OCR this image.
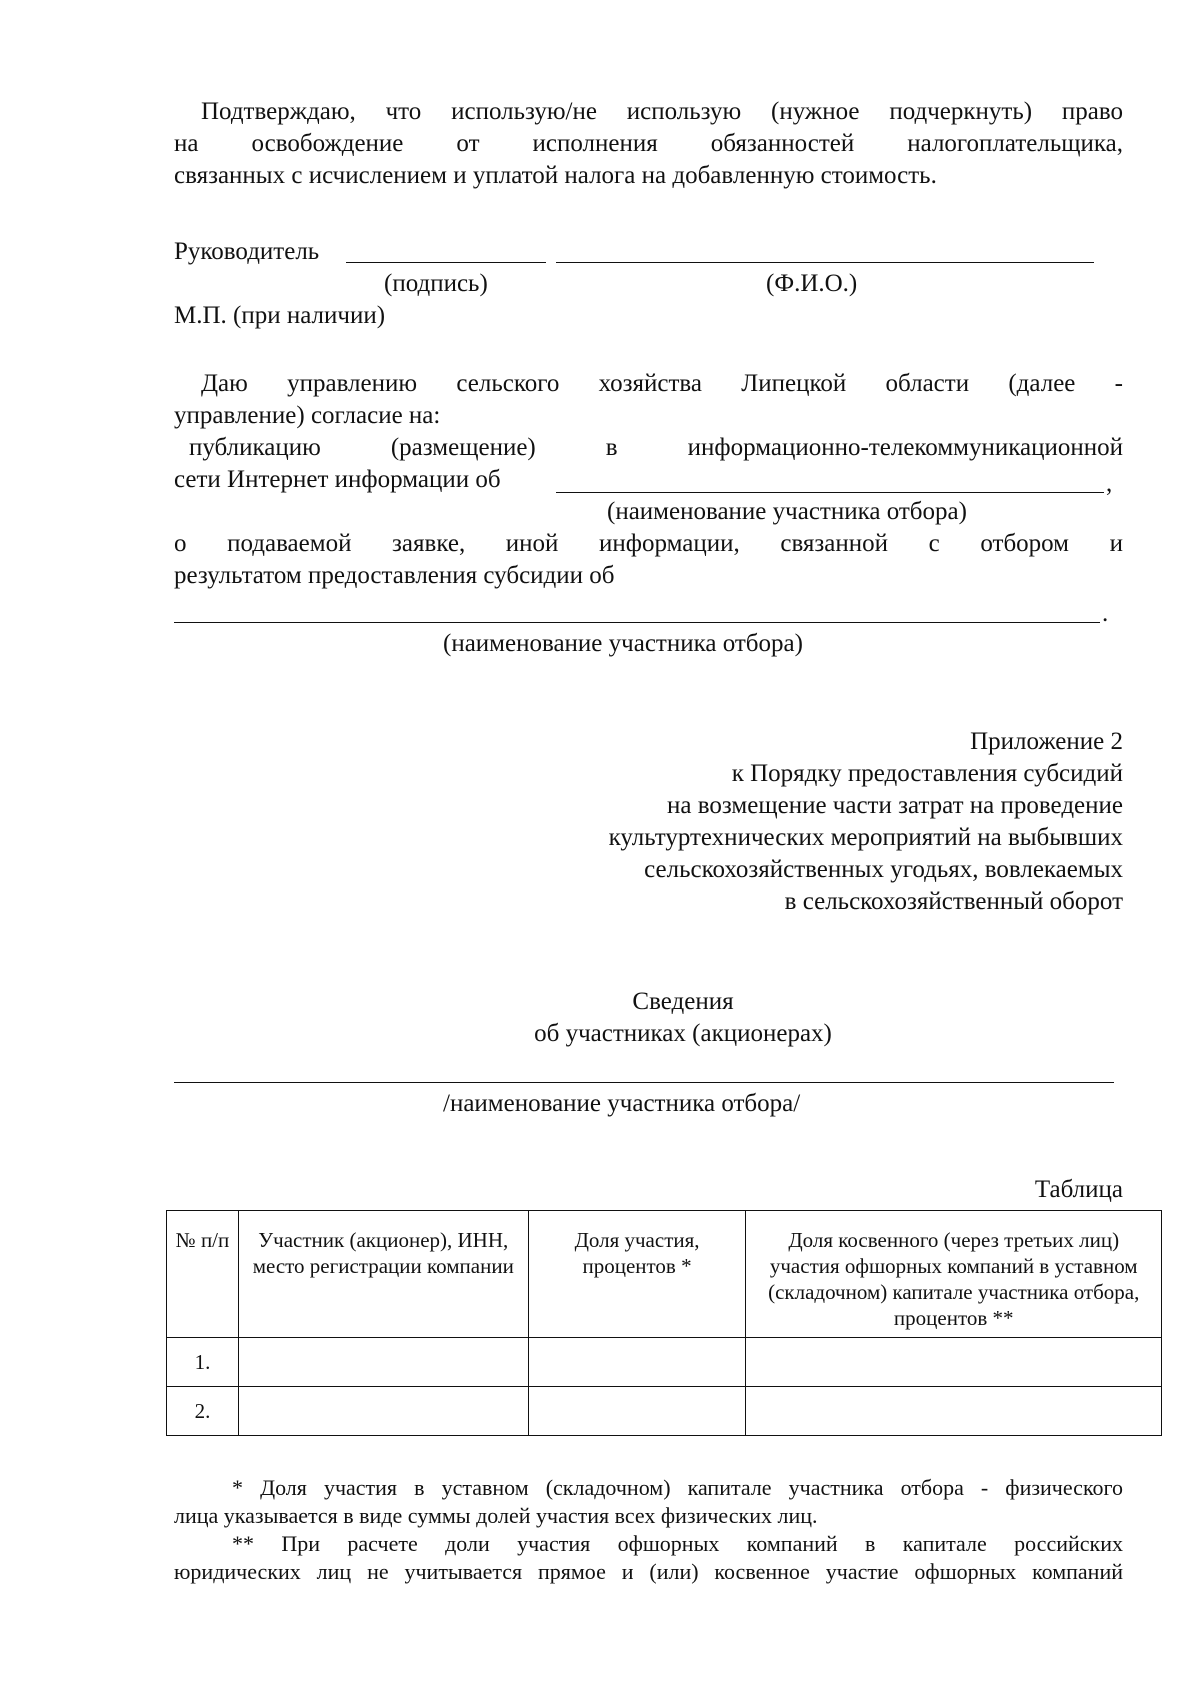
Подтверждаю, что использую/не использую (нужное подчеркнуть) право

на освобождение от исполнения обязанностей налогоплательщика,

связанных с исчислением и уплатой налога на добавленную стоимость.

Руководитель

(подпись)	(Ф.И.О.)

М.П. (при наличии)

Даю управлению сельского хозяйства Липецкой области (далее -

управление) согласие на:

публикацию (размещение) в информационно-телекоммуникационной

сети Интернет информации об	,

(наименование участника отбора)

о подаваемой заявке, иной информации, связанной с отбором и

результатом предоставления субсидии об

.

(наименование участника отбора)

Приложение 2
к Порядку предоставления субсидий
на возмещение части затрат на проведение
культуртехнических мероприятий на выбывших
сельскохозяйственных угодьях, вовлекаемых
в сельскохозяйственный оборот

Сведения

об участниках (акционерах)

/наименование участника отбора/

Таблица

№ п/п	Участник (акционер), ИНН, место регистрации компании	Доля участия, процентов *	Доля косвенного (через третьих лиц) участия офшорных компаний в уставном (складочном) капитале участника отбора, процентов **
1.			
2.			

* Доля участия в уставном (складочном) капитале участника отбора - физического

лица указывается в виде суммы долей участия всех физических лиц.

** При расчете доли участия офшорных компаний в капитале российских

юридических лиц не учитывается прямое и (или) косвенное участие офшорных компаний
